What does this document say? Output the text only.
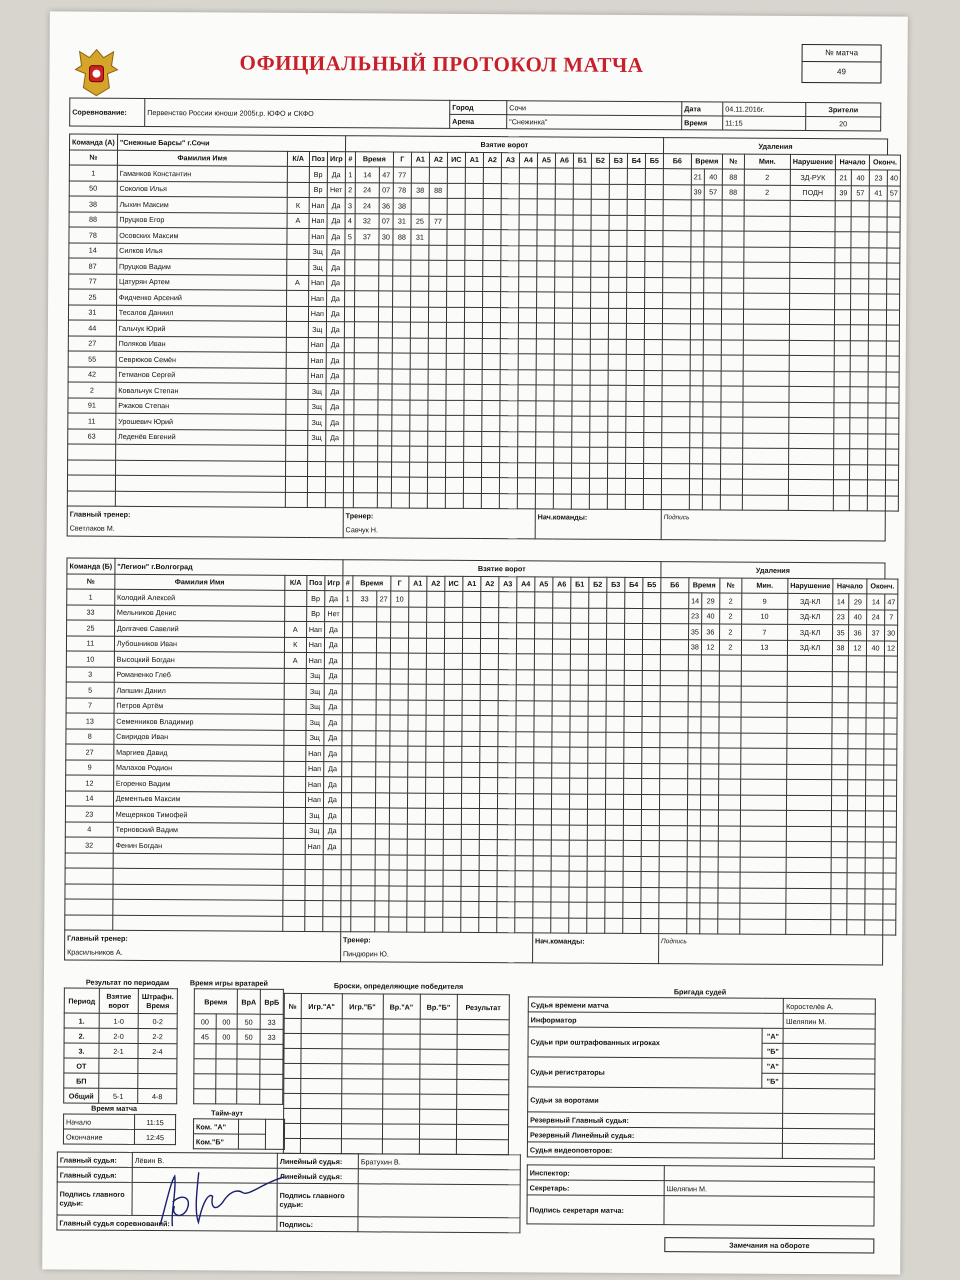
ОФИЦИАЛЬНЫЙ ПРОТОКОЛ МАТЧА	№ матча
49
Соревнование:	Первенство России юноши 2005г.р. ЮФО и СКФО	Город	Сочи	Дата	04.11.2016г.	Зрители
		Арена	"Снежинка"	Время	11:15	20
Команда (А)	"Снежные Барсы" г.Сочи				Взятие ворот																		Удаления									
№	Фамилия Имя	К/А	Поз	Игр	#	Время		Г	А1	А2	ИС	А1	А2	А3	А4	А5	А6	Б1	Б2	Б3	Б4	Б5	Б6	Время		№	Мин.	Нарушение	Начало		Оконч.	
1	Гаманков Константин		Вр	Да	1	14	47	77																21	40	88	2	ЗД-РУК	21	40	23	40
50	Соколов Илья		Вр	Нет	2	24	07	78	38	88														39	57	88	2	ПОДН	39	57	41	57
38	Лыхин Максим	К	Нап	Да	3	24	36	38																								
88	Пруцков Егор	А	Нап	Да	4	32	07	31	25	77																						
78	Осовских Максим		Нап	Да	5	37	30	88	31																							
14	Силков Илья		Зщ	Да																												
87	Пруцков Вадим		Зщ	Да																												
77	Цатурян Артем	А	Нап	Да																												
25	Фидченко Арсений		Нап	Да																												
31	Тесалов Даниил		Нап	Да																												
44	Гальчук Юрий		Зщ	Да																												
27	Поляков Иван		Нап	Да																												
55	Севрюков Семён		Нап	Да																												
42	Гетманов Сергей		Нап	Да																												
2	Ковальчук Степан		Зщ	Да																												
91	Ржаков Степан		Зщ	Да																												
11	Урошевич Юрий		Зщ	Да																												
63	Леденёв Евгений		Зщ	Да																												

Главный тренер:					Тренер:											Нач.команды:							Подпись									
Светлаков М.					Савчук Н.																											
Команда (Б)	"Легион" г.Волгоград				Взятие ворот																		Удаления									
№	Фамилия Имя	К/А	Поз	Игр	#	Время		Г	А1	А2	ИС	А1	А2	А3	А4	А5	А6	Б1	Б2	Б3	Б4	Б5	Б6	Время		№	Мин.	Нарушение	Начало		Оконч.	
1	Колодий Алексей		Вр	Да	1	33	27	10																14	29	2	9	ЗД-КЛ	14	29	14	47
33	Мельников Денис		Вр	Нет																				23	40	2	10	ЗД-КЛ	23	40	24	7
25	Долгачев Савелий	А	Нап	Да																				35	36	2	7	ЗД-КЛ	35	36	37	30
11	Лубошников Иван	К	Нап	Да																				38	12	2	13	ЗД-КЛ	38	12	40	12
10	Высоцкий Богдан	А	Нап	Да																												
3	Романенко Глеб		Зщ	Да																												
5	Лапшин Данил		Зщ	Да																												
7	Петров Артём		Зщ	Да																												
13	Семенников Владимир		Зщ	Да																												
8	Свиридов Иван		Зщ	Да																												
27	Маргиев Давид		Нап	Да																												
9	Малахов Родион		Нап	Да																												
12	Егоренко Вадим		Нап	Да																												
14	Дементьев Максим		Нап	Да																												
23	Мещеряков Тимофей		Зщ	Да																												
4	Терновский Вадим		Зщ	Да																												
32	Фенин Богдан		Нап	Да																												

Главный тренер:					Тренер:											Нач.команды:							Подпись									
Красильников А.					Пиндюрин Ю.																											
Результат по периодам
Период	Взятие ворот	Штрафн. Время
1.	1-0	0-2
2.	2-0	2-2
3.	2-1	2-4
ОТ		
БП		
Общий	5-1	4-8
Время игры вратарей
Время		ВрА	ВрБ
00	00	50	33
45	00	50	33

Броски, определяющие победителя
№	Игр."А"	Игр."Б"	Вр."А"	Вр."Б"	Результат

Время матча
Начало	11:15
Окончание	12:45
Тайм-аут
Ком. "А"		
Ком."Б"		
Бригада судей
Судья времени матча		Коростелёв А.
Информатор		Шеляпин М.
Судьи при оштрафованных игроках	"А"	
	"Б"	
Судьи регистраторы	"А"	
	"Б"	
Судьи за воротами		
Резервный Главный судья:		
Резервный Линейный судья:		
Судья видеоповторов:		
Инспектор:	
Секретарь:	Шеляпин М.
Подпись секретаря матча:	
Замечания на обороте
Главный судья:	Лёвин В.	Линейный судья:	Братухин В.
Главный судья:		Линейный судья:	
Подпись главного судьи:		Подпись главного судьи:	
Главный судья соревнований:		Подпись:	
